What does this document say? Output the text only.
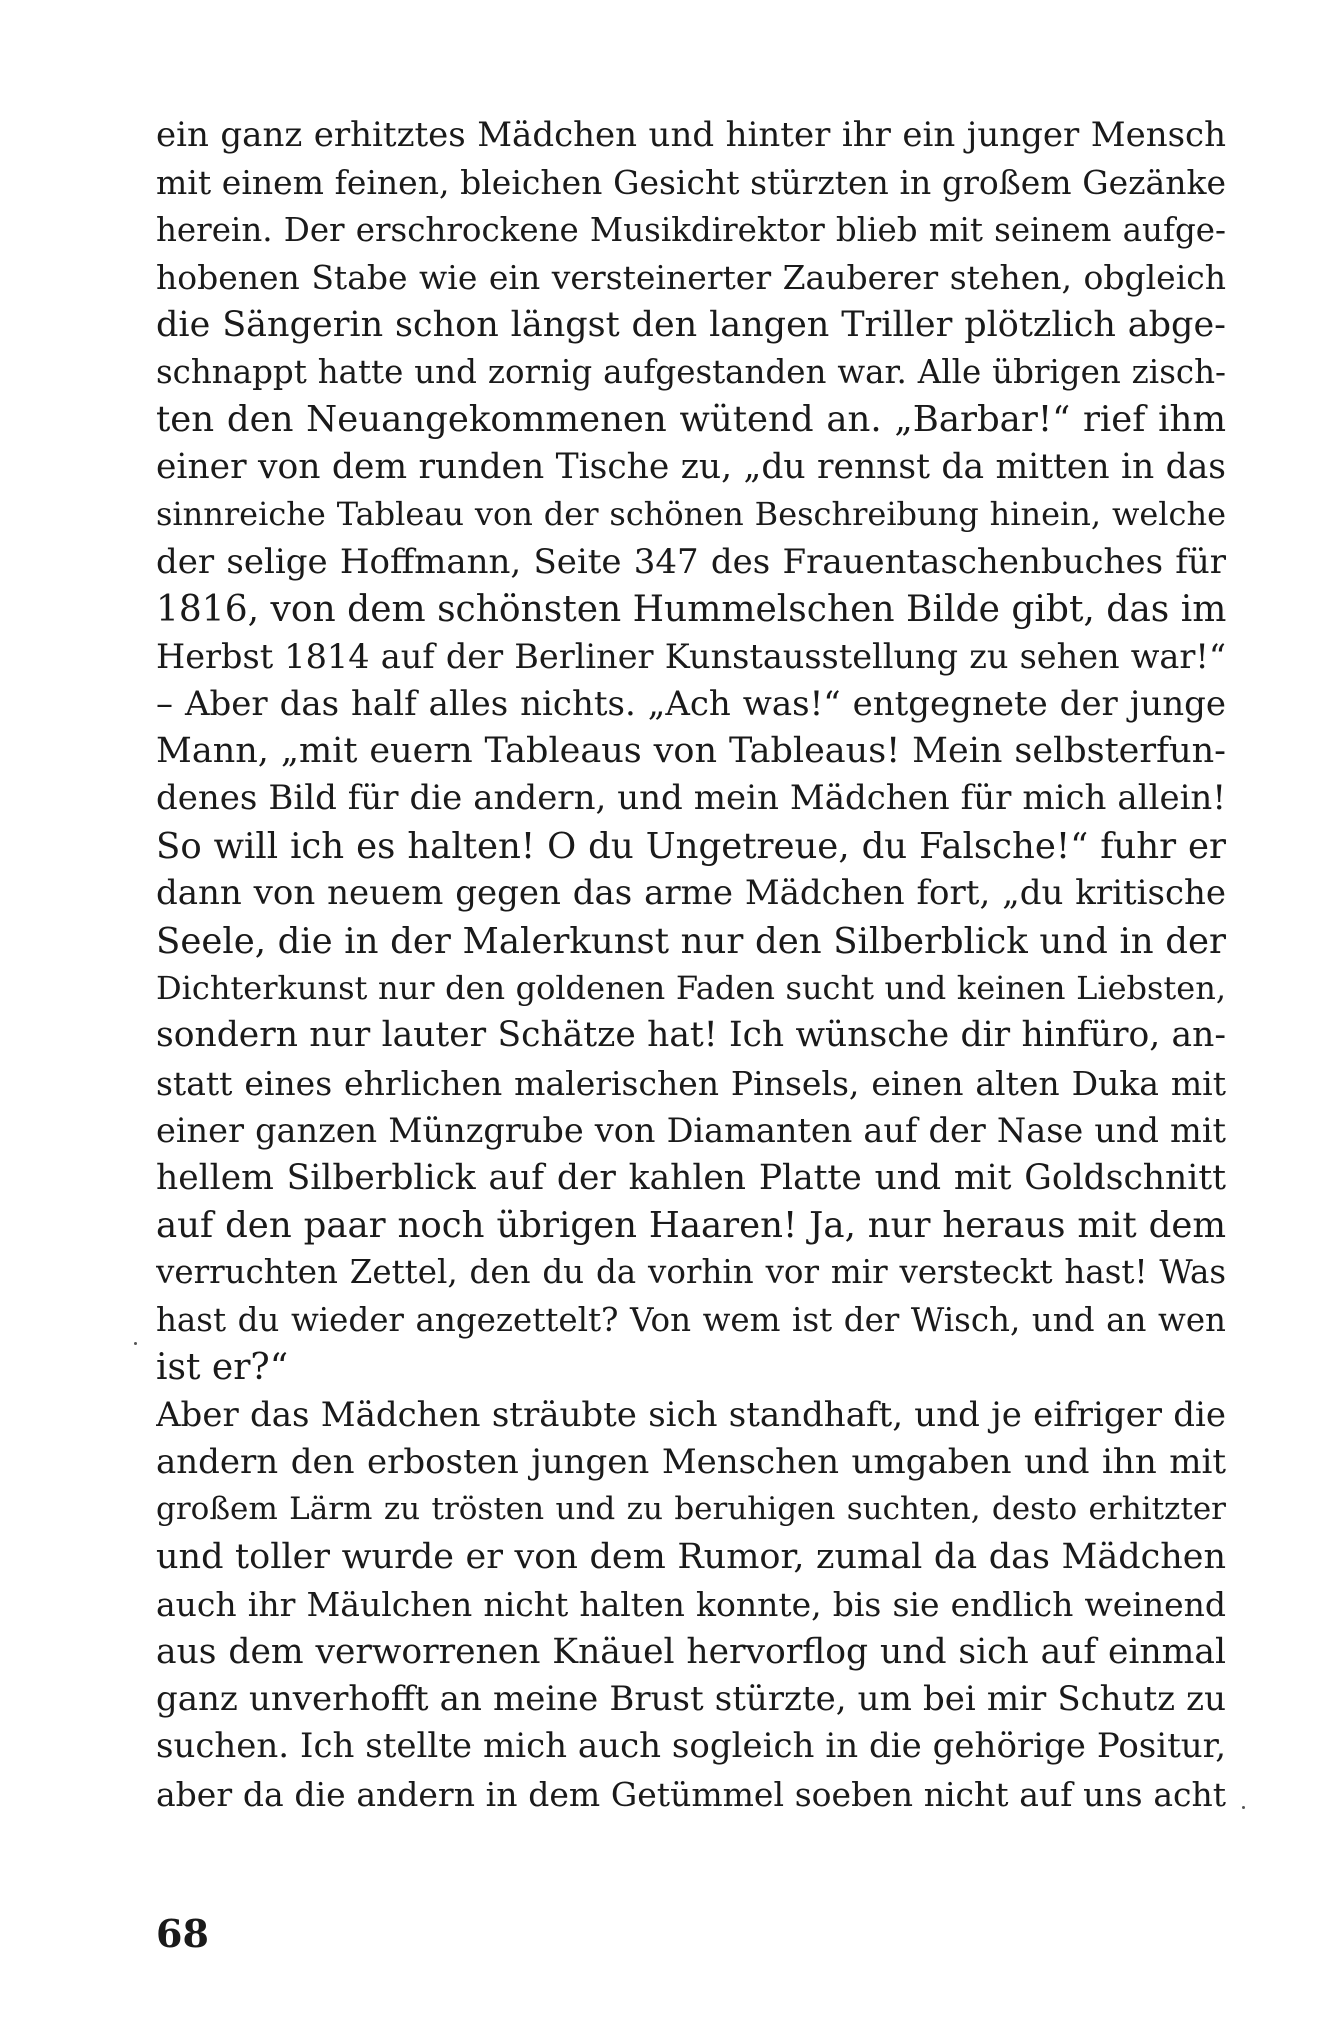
ein ganz erhitztes Mädchen und hinter ihr ein junger Mensch
mit einem feinen, bleichen Gesicht stürzten in großem Gezänke
herein. Der erschrockene Musikdirektor blieb mit seinem aufge-
hobenen Stabe wie ein versteinerter Zauberer stehen, obgleich
die Sängerin schon längst den langen Triller plötzlich abge-
schnappt hatte und zornig aufgestanden war. Alle übrigen zisch-
ten den Neuangekommenen wütend an. „Barbar!“ rief ihm
einer von dem runden Tische zu, „du rennst da mitten in das
sinnreiche Tableau von der schönen Beschreibung hinein, welche
der selige Hoffmann, Seite 347 des Frauentaschenbuches für
1816, von dem schönsten Hummelschen Bilde gibt, das im
Herbst 1814 auf der Berliner Kunstausstellung zu sehen war!“
– Aber das half alles nichts. „Ach was!“ entgegnete der junge
Mann, „mit euern Tableaus von Tableaus! Mein selbsterfun-
denes Bild für die andern, und mein Mädchen für mich allein!
So will ich es halten! O du Ungetreue, du Falsche!“ fuhr er
dann von neuem gegen das arme Mädchen fort, „du kritische
Seele, die in der Malerkunst nur den Silberblick und in der
Dichterkunst nur den goldenen Faden sucht und keinen Liebsten,
sondern nur lauter Schätze hat! Ich wünsche dir hinfüro, an-
statt eines ehrlichen malerischen Pinsels, einen alten Duka mit
einer ganzen Münzgrube von Diamanten auf der Nase und mit
hellem Silberblick auf der kahlen Platte und mit Goldschnitt
auf den paar noch übrigen Haaren! Ja, nur heraus mit dem
verruchten Zettel, den du da vorhin vor mir versteckt hast! Was
hast du wieder angezettelt? Von wem ist der Wisch, und an wen
ist er?“
Aber das Mädchen sträubte sich standhaft, und je eifriger die
andern den erbosten jungen Menschen umgaben und ihn mit
großem Lärm zu trösten und zu beruhigen suchten, desto erhitzter
und toller wurde er von dem Rumor, zumal da das Mädchen
auch ihr Mäulchen nicht halten konnte, bis sie endlich weinend
aus dem verworrenen Knäuel hervorflog und sich auf einmal
ganz unverhofft an meine Brust stürzte, um bei mir Schutz zu
suchen. Ich stellte mich auch sogleich in die gehörige Positur,
aber da die andern in dem Getümmel soeben nicht auf uns acht
68
